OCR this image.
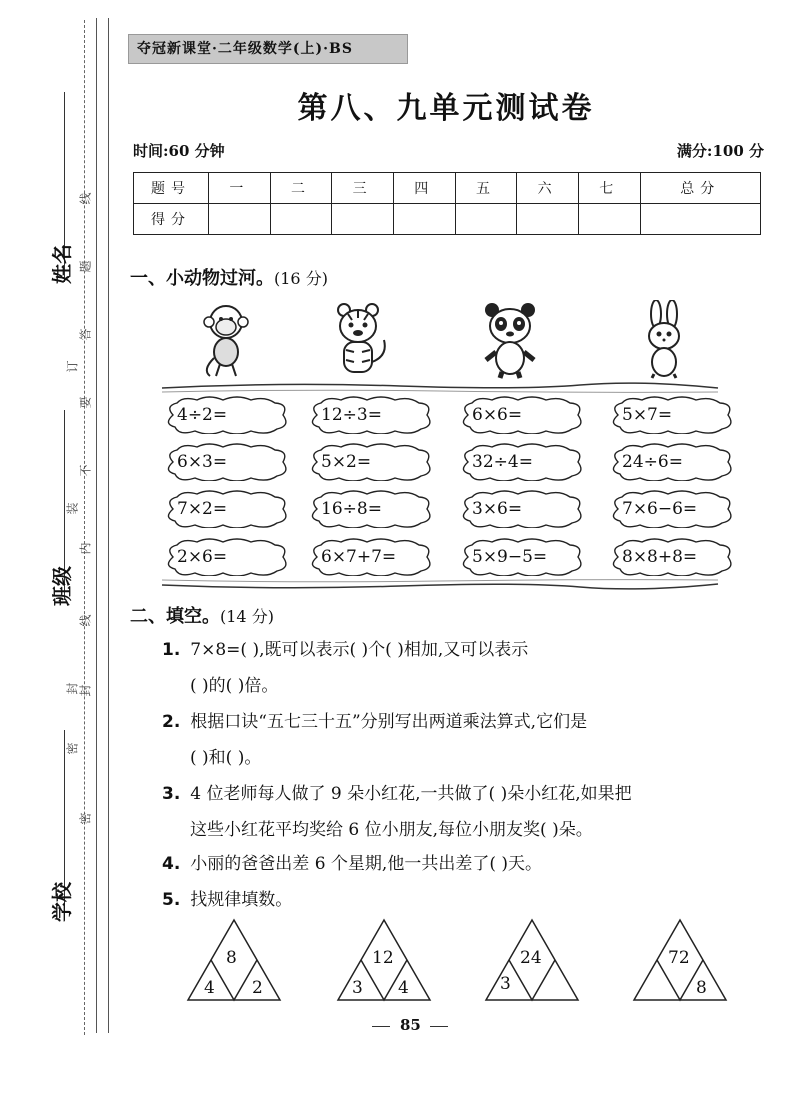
姓名
班级
学校
线
题
答
要
不
内
线
封
密
订
装
封
密
夺冠新课堂·二年级数学(上)·BS
第八、九单元测试卷
时间:60 分钟	满分:100 分
题号	一	二	三	四	五	六	七	总分
得分								
一、小动物过河。(16 分)
4÷2=	12÷3=	6×6=	5×7=
6×3=	5×2=	32÷4=	24÷6=
7×2=	16÷8=	3×6=	7×6−6=
2×6=	6×7+7=	5×9−5=	8×8+8=
二、填空。(14 分)
1. 7×8=( ),既可以表示( )个( )相加,又可以表示
( )的( )倍。
2. 根据口诀“五七三十五”分别写出两道乘法算式,它们是
( )和( )。
3. 4 位老师每人做了 9 朵小红花,一共做了( )朵小红花,如果把
这些小红花平均奖给 6 位小朋友,每位小朋友奖( )朵。
4. 小丽的爸爸出差 6 个星期,他一共出差了( )天。
5. 找规律填数。
8
4 2
12
3 4
24
3
72
8
85
